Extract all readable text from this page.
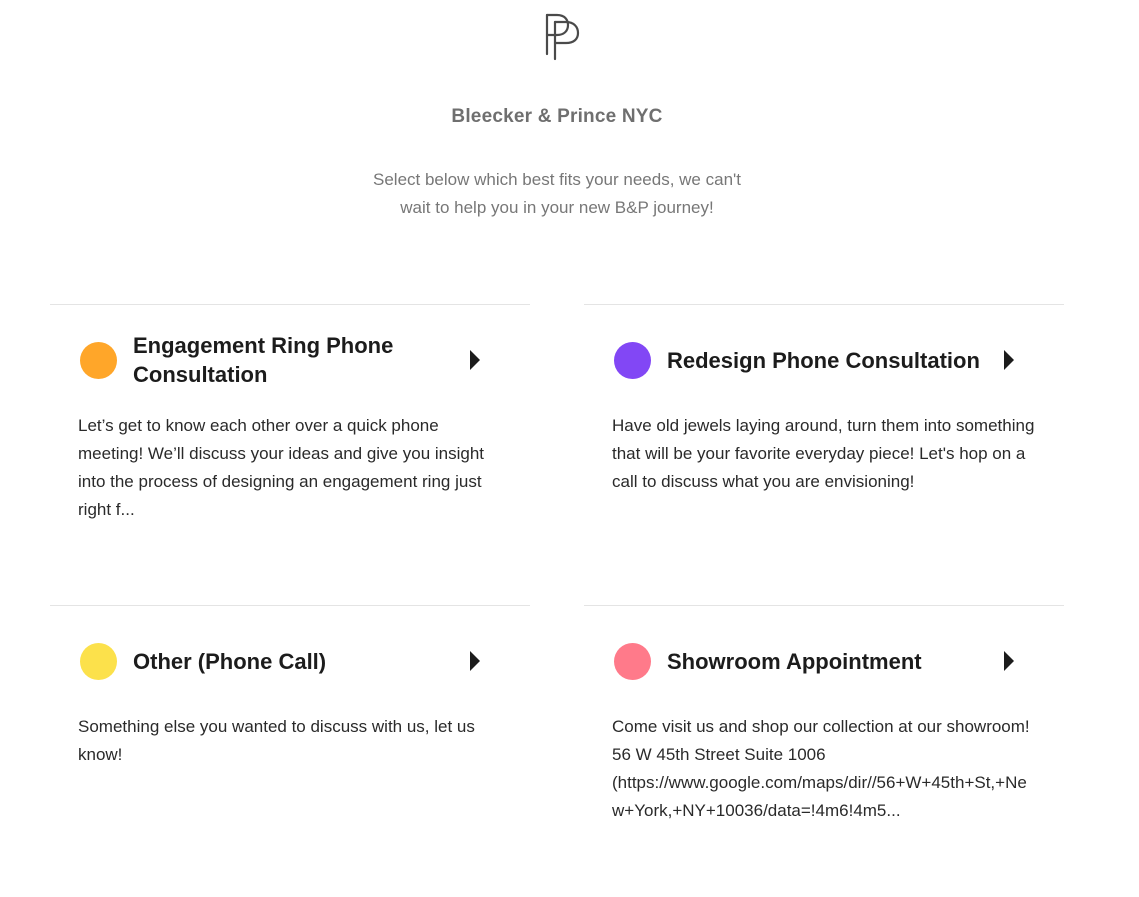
Bleecker & Prince NYC
Select below which best fits your needs, we can't wait to help you in your new B&P journey!
Engagement Ring Phone Consultation
Let’s get to know each other over a quick phone meeting! We’ll discuss your ideas and give you insight into the process of designing an engagement ring just right f...
Redesign Phone Consultation
Have old jewels laying around, turn them into something that will be your favorite everyday piece! Let's hop on a call to discuss what you are envisioning!
Other (Phone Call)
Something else you wanted to discuss with us, let us know!
Showroom Appointment
Come visit us and shop our collection at our showroom! 56 W 45th Street Suite 1006 (https://www.google.com/maps/dir//56+W+45th+St,+New+York,+NY+10036/data=!4m6!4m5...
